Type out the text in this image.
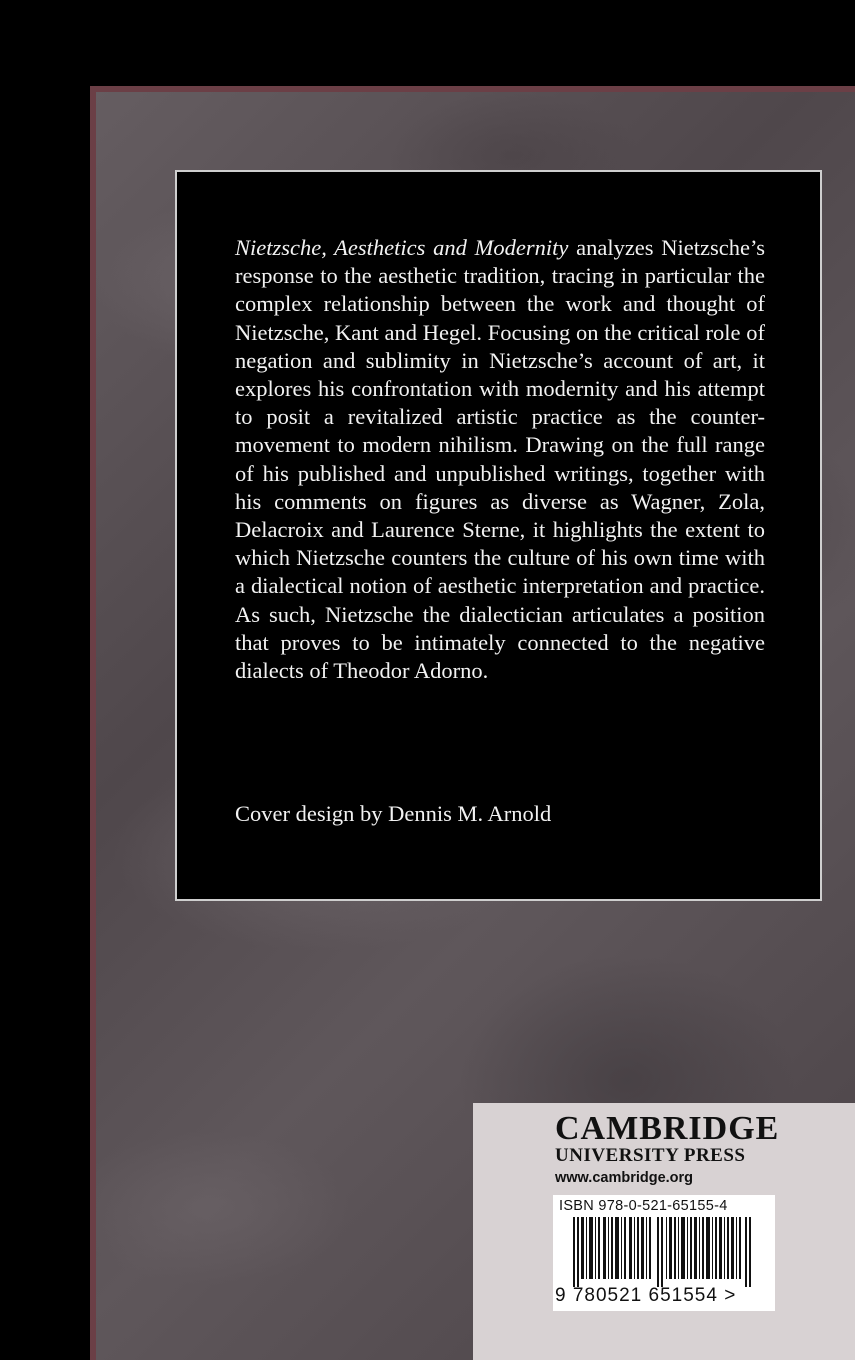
Nietzsche, Aesthetics and Modernity analyzes Nietzsche’s response to the aesthetic tradition, tracing in particular the complex relationship between the work and thought of Nietzsche, Kant and Hegel. Focusing on the critical role of negation and sublimity in Nietzsche’s account of art, it explores his confrontation with modernity and his attempt to posit a revitalized artistic practice as the counter-movement to modern nihilism. Drawing on the full range of his published and unpublished writings, together with his comments on figures as diverse as Wagner, Zola, Delacroix and Laurence Sterne, it highlights the extent to which Nietzsche counters the culture of his own time with a dialectical notion of aesthetic interpretation and practice. As such, Nietzsche the dialectician articulates a position that proves to be intimately connected to the negative dialects of Theodor Adorno.

Cover design by Dennis M. Arnold

CAMBRIDGE

UNIVERSITY PRESS

www.cambridge.org

ISBN 978-0-521-65155-4

9 780521 651554 >
